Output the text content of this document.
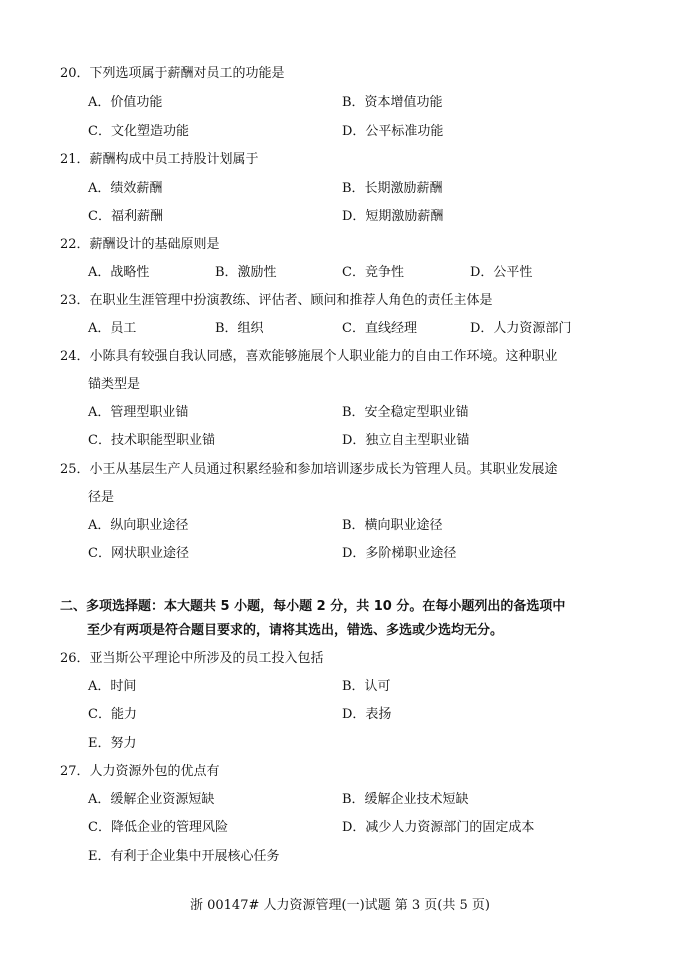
20．下列选项属于薪酬对员工的功能是
A．价值功能	B．资本增值功能
C．文化塑造功能	D．公平标准功能
21．薪酬构成中员工持股计划属于
A．绩效薪酬	B．长期激励薪酬
C．福利薪酬	D．短期激励薪酬
22．薪酬设计的基础原则是
A．战略性	B．激励性	C．竞争性	D．公平性
23．在职业生涯管理中扮演教练、评估者、顾问和推荐人角色的责任主体是
A．员工	B．组织	C．直线经理	D．人力资源部门
24．小陈具有较强自我认同感，喜欢能够施展个人职业能力的自由工作环境。这种职业
锚类型是
A．管理型职业锚	B．安全稳定型职业锚
C．技术职能型职业锚	D．独立自主型职业锚
25．小王从基层生产人员通过积累经验和参加培训逐步成长为管理人员。其职业发展途
径是
A．纵向职业途径	B．横向职业途径
C．网状职业途径	D．多阶梯职业途径
二、多项选择题：本大题共 5 小题，每小题 2 分，共 10 分。在每小题列出的备选项中
至少有两项是符合题目要求的，请将其选出，错选、多选或少选均无分。
26．亚当斯公平理论中所涉及的员工投入包括
A．时间	B．认可
C．能力	D．表扬
E．努力
27．人力资源外包的优点有
A．缓解企业资源短缺	B．缓解企业技术短缺
C．降低企业的管理风险	D．减少人力资源部门的固定成本
E．有利于企业集中开展核心任务
浙 00147# 人力资源管理(一)试题 第 3 页(共 5 页)
